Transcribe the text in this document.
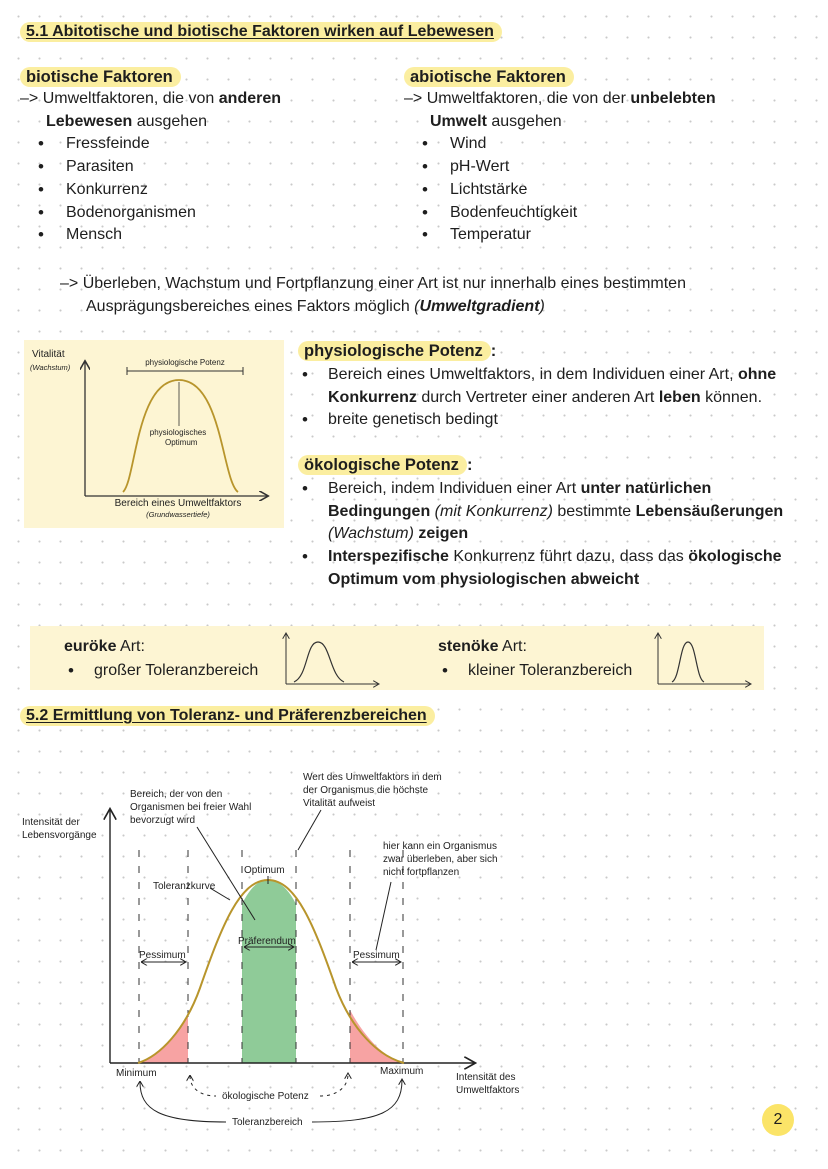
5.1 Abitotische und biotische Faktoren wirken auf Lebewesen
biotische Faktoren
–> Umweltfaktoren, die von anderen
Lebewesen ausgehen
• Fressfeinde
• Parasiten
• Konkurrenz
• Bodenorganismen
• Mensch
abiotische Faktoren
–> Umweltfaktoren, die von der unbelebten
Umwelt ausgehen
• Wind
• pH-Wert
• Lichtstärke
• Bodenfeuchtigkeit
• Temperatur
–> Überleben, Wachstum und Fortpflanzung einer Art ist nur innerhalb eines bestimmten
Ausprägungsbereiches eines Faktors möglich (Umweltgradient)
Vitalität
(Wachstum)
physiologische Potenz
physiologisches
Optimum
Bereich eines Umweltfaktors
(Grundwassertiefe)
physiologische Potenz :
• Bereich eines Umweltfaktors, in dem Individuen einer Art, ohne
Konkurrenz durch Vertreter einer anderen Art leben können.
• breite genetisch bedingt
ökologische Potenz :
• Bereich, indem Individuen einer Art unter natürlichen
Bedingungen (mit Konkurrenz) bestimmte Lebensäußerungen
(Wachstum) zeigen
• Interspezifische Konkurrenz führt dazu, dass das ökologische
Optimum vom physiologischen abweicht
euröke Art:
• großer Toleranzbereich
stenöke Art:
• kleiner Toleranzbereich
5.2 Ermittlung von Toleranz- und Präferenzbereichen
Intensität der
Lebensvorgänge
Bereich, der von den
Organismen bei freier Wahl
bevorzugt wird
Wert des Umweltfaktors in dem
der Organismus die höchste
Vitalität aufweist
hier kann ein Organismus
zwar überleben, aber sich
nicht fortpflanzen
Optimum
Toleranzkurve
Präferendum
Pessimum	Pessimum
Minimum	Maximum
Intensität des
Umweltfaktors
ökologische Potenz
Toleranzbereich	2
